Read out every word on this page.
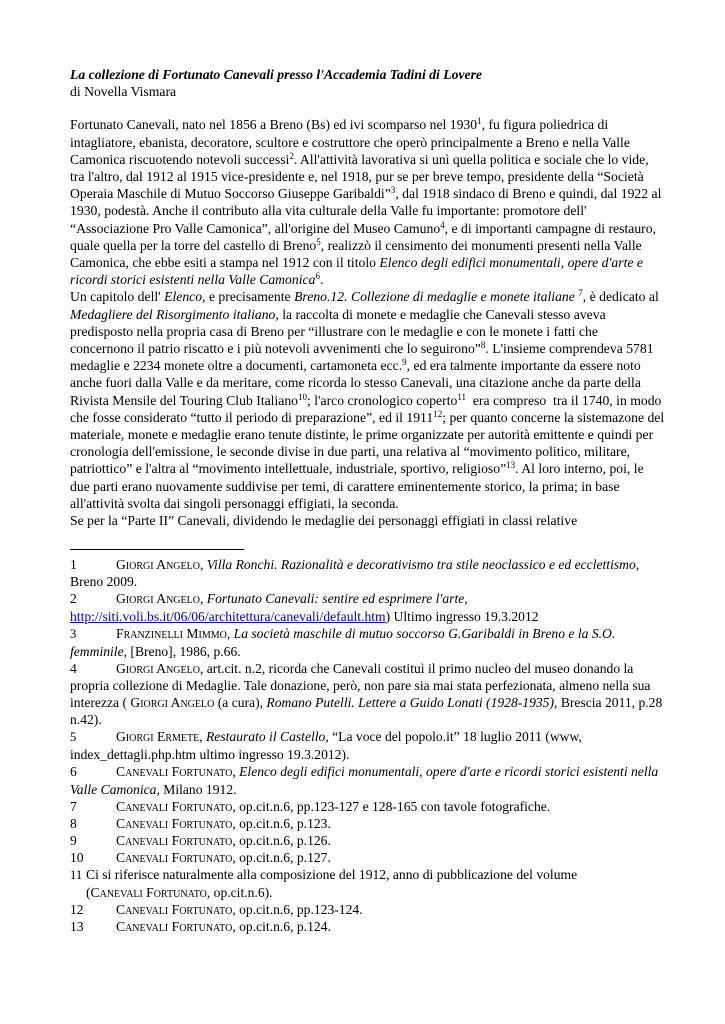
La collezione di Fortunato Canevali presso l'Accademia Tadini di Lovere

di Novella Vismara

Fortunato Canevali, nato nel 1856 a Breno (Bs) ed ivi scomparso nel 1930$^1$, fu figura poliedrica di intagliatore, ebanista, decoratore, scultore e costruttore che operò principalmente a Breno e nella Valle Camonica riscuotendo notevoli successi$^2$. All'attività lavorativa si unì quella politica e sociale che lo vide, tra l'altro, dal 1912 al 1915 vice-presidente e, nel 1918, pur se per breve tempo, presidente della “Società Operaia Maschile di Mutuo Soccorso Giuseppe Garibaldi”$^3$, dal 1918 sindaco di Breno e quindi, dal 1922 al 1930, podestà. Anche il contributo alla vita culturale della Valle fu importante: promotore dell' “Associazione Pro Valle Camonica”, all'origine del Museo Camuno$^4$, e di importanti campagne di restauro, quale quella per la torre del castello di Breno$^5$, realizzò il censimento dei monumenti presenti nella Valle Camonica, che ebbe esiti a stampa nel 1912 con il titolo Elenco degli edifici monumentali, opere d'arte e ricordi storici esistenti nella Valle Camonica$^6$.

Un capitolo dell' Elenco, e precisamente Breno.12. Collezione di medaglie e monete italiane $^7$, è dedicato al Medagliere del Risorgimento italiano, la raccolta di monete e medaglie che Canevali stesso aveva predisposto nella propria casa di Breno per “illustrare con le medaglie e con le monete i fatti che concernono il patrio riscatto e i più notevoli avvenimenti che lo seguirono”$^8$. L'insieme comprendeva 5781 medaglie e 2234 monete oltre a documenti, cartamoneta ecc.$^9$, ed era talmente importante da essere noto anche fuori dalla Valle e da meritare, come ricorda lo stesso Canevali, una citazione anche da parte della Rivista Mensile del Touring Club Italiano$^{10}$; l'arco cronologico coperto$^{11}$  era compreso  tra il 1740, in modo che fosse considerato “tutto il periodo di preparazione”, ed il 1911$^{12}$; per quanto concerne la sistemazone del materiale, monete e medaglie erano tenute distinte, le prime organizzate per autorità emittente e quindi per cronologia dell'emissione, le seconde divise in due parti, una relativa al “movimento politico, militare, patriottico” e l'altra al “movimento intellettuale, industriale, sportivo, religioso”$^{13}$. Al loro interno, poi, le due parti erano nuovamente suddivise per temi, di carattere eminentemente storico, la prima; in base all'attività svolta dai singoli personaggi effigiati, la seconda.

Se per la “Parte II” Canevali, dividendo le medaglie dei personaggi effigiati in classi relative

1	Giorgi Angelo, Villa Ronchi. Razionalità e decorativismo tra stile neoclassico e ed ecclettismo, Breno 2009.

2	Giorgi Angelo, Fortunato Canevali: sentire ed esprimere l'arte,
http://siti.voli.bs.it/06/06/architettura/canevali/default.htm) Ultimo ingresso 19.3.2012

3	Franzinelli Mimmo, La società maschile di mutuo soccorso G.Garibaldi in Breno e la S.O. femminile, [Breno], 1986, p.66.

4	Giorgi Angelo, art.cit. n.2, ricorda che Canevali costituì il primo nucleo del museo donando la propria collezione di Medaglie. Tale donazione, però, non pare sia mai stata perfezionata, almeno nella sua interezza ( Giorgi Angelo (a cura), Romano Putelli. Lettere a Guido Lonati (1928-1935), Brescia 2011, p.28 n.42).

5	Giorgi Ermete, Restaurato il Castello, “La voce del popolo.it” 18 luglio 2011 (www, index_dettagli.php.htm ultimo ingresso 19.3.2012).

6	Canevali Fortunato, Elenco degli edifici monumentali, opere d'arte e ricordi storici esistenti nella Valle Camonica, Milano 1912.

7	Canevali Fortunato, op.cit.n.6, pp.123-127 e 128-165 con tavole fotografiche.

8	Canevali Fortunato, op.cit.n.6, p.123.

9	Canevali Fortunato, op.cit.n.6, p.126.

10 Canevali Fortunato, op.cit.n.6, p.127.

11 Ci si riferisce naturalmente alla composizione del 1912, anno di pubblicazione del volume
(Canevali Fortunato, op.cit.n.6).

12 Canevali Fortunato, op.cit.n.6, pp.123-124.

13 Canevali Fortunato, op.cit.n.6, p.124.
